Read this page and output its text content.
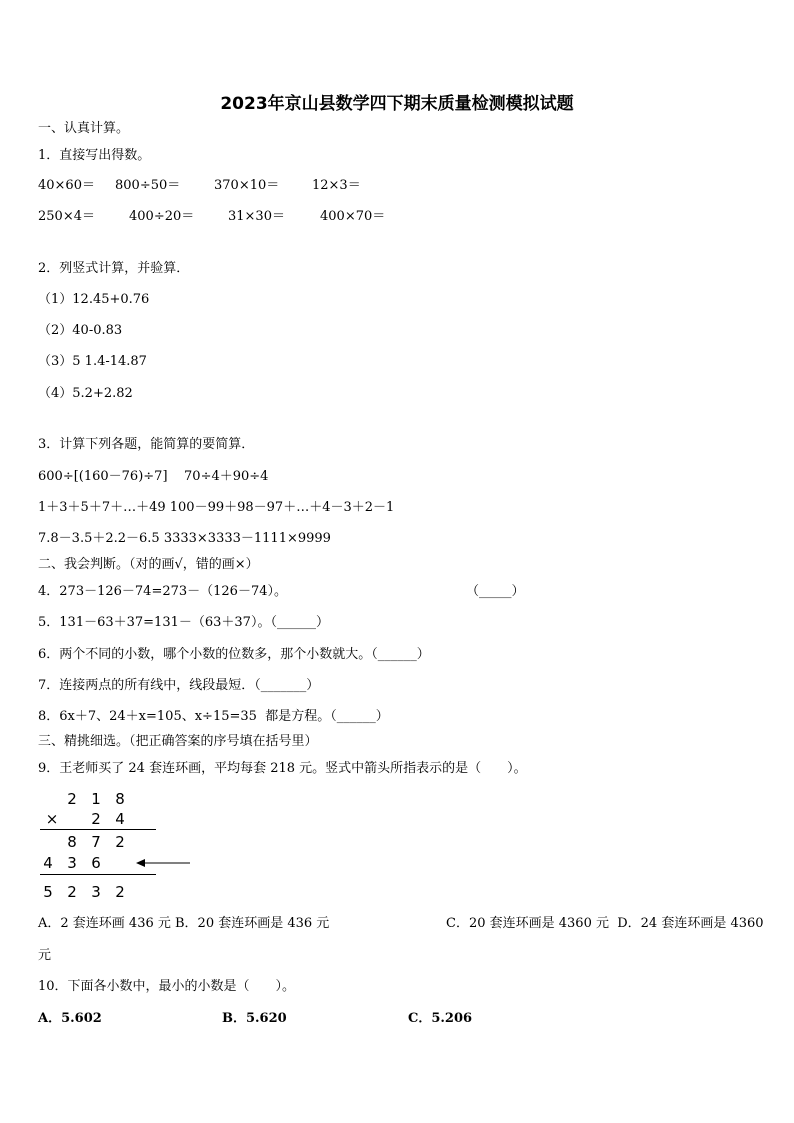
2023年京山县数学四下期末质量检测模拟试题
一、认真计算。
1．直接写出得数。
40×60＝ 800÷50＝	370×10＝	12×3＝
250×4＝	400÷20＝	31×30＝	400×70＝
2．列竖式计算，并验算．
（1）12.45+0.76
（2）40-0.83
（3）5 1.4-14.87
（4）5.2+2.82
3．计算下列各题，能简算的要简算．
600÷[(160－76)÷7]    70÷4＋90÷4
1＋3＋5＋7＋…＋49 100－99＋98－97＋…＋4－3＋2－1
7.8－3.5＋2.2－6.5 3333×3333－1111×9999
二、我会判断。（对的画√，错的画×）
4．273－126－74=273－（126－74）。	（_____）
5．131－63＋37=131－（63＋37）。（______）
6．两个不同的小数，哪个小数的位数多，那个小数就大。（______）
7．连接两点的所有线中，线段最短．（_______）
8．6x＋7、24＋x=105、x÷15=35  都是方程。（______）
三、精挑细选。（把正确答案的序号填在括号里）
9．王老师买了 24 套连环画，平均每套 218 元。竖式中箭头所指表示的是（　　）。
2 1 8
×	2 4
8 7 2
4 3 6
5 2 3 2
A．2 套连环画 436 元 B．20 套连环画是 436 元	C．20 套连环画是 4360 元  D．24 套连环画是 4360
元
10．下面各小数中，最小的小数是（　　）。
A．5.602	B．5.620	C．5.206
